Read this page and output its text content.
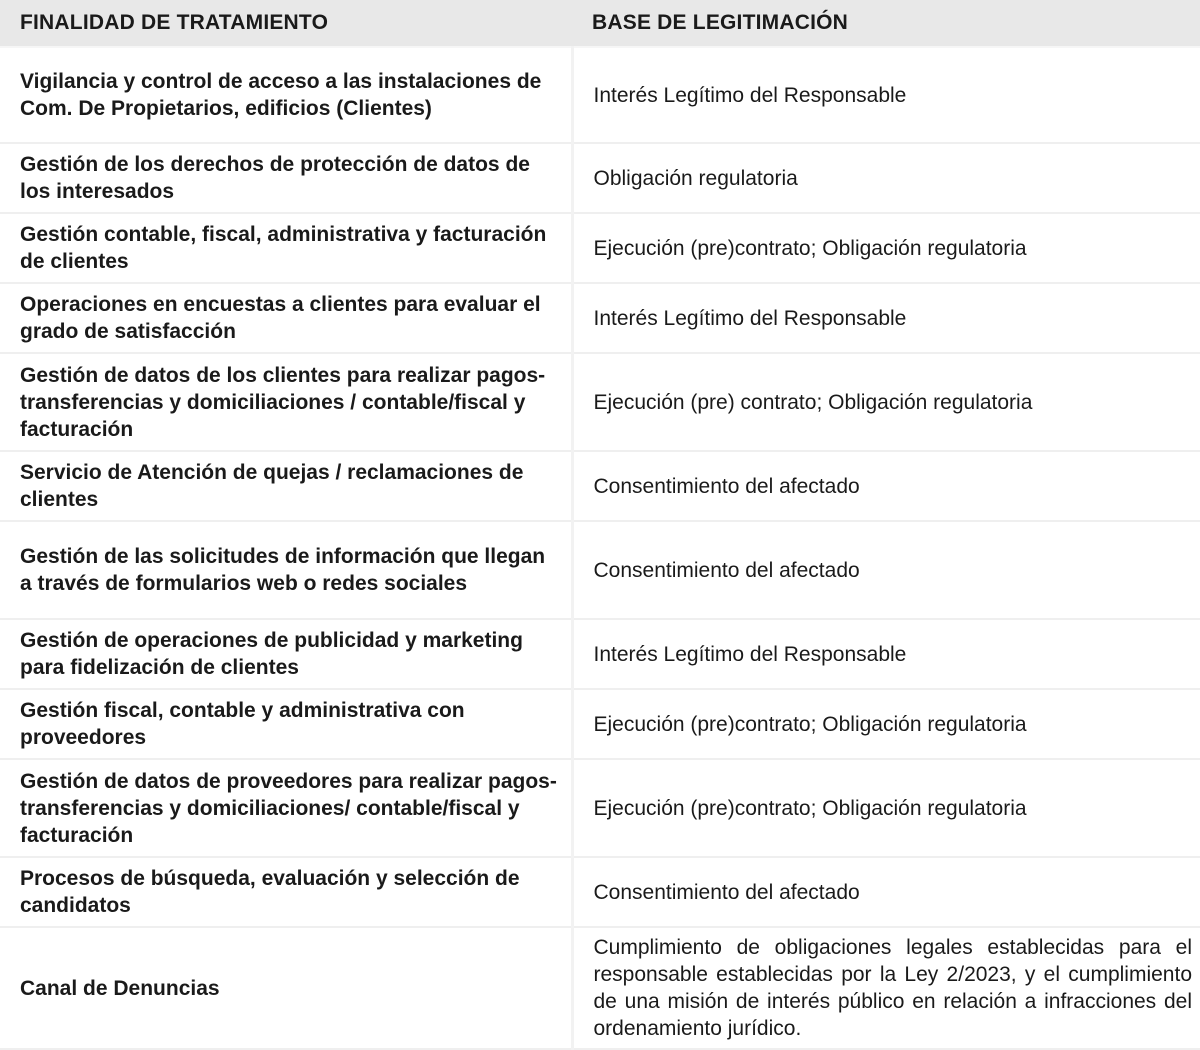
FINALIDAD DE TRATAMIENTO	BASE DE LEGITIMACIÓN
Vigilancia y control de acceso a las instalaciones de Com. De Propietarios, edificios (Clientes)	Interés Legítimo del Responsable
Gestión de los derechos de protección de datos de los interesados	Obligación regulatoria
Gestión contable, fiscal, administrativa y facturación de clientes	Ejecución (pre)contrato; Obligación regulatoria
Operaciones en encuestas a clientes para evaluar el grado de satisfacción	Interés Legítimo del Responsable
Gestión de datos de los clientes para realizar pagos-transferencias y domiciliaciones / contable/fiscal y facturación	Ejecución (pre) contrato; Obligación regulatoria
Servicio de Atención de quejas / reclamaciones de clientes	Consentimiento del afectado
Gestión de las solicitudes de información que llegan a través de formularios web o redes sociales	Consentimiento del afectado
Gestión de operaciones de publicidad y marketing para fidelización de clientes	Interés Legítimo del Responsable
Gestión fiscal, contable y administrativa con proveedores	Ejecución (pre)contrato; Obligación regulatoria
Gestión de datos de proveedores para realizar pagos-transferencias y domiciliaciones/ contable/fiscal y facturación	Ejecución (pre)contrato; Obligación regulatoria
Procesos de búsqueda, evaluación y selección de candidatos	Consentimiento del afectado
Canal de Denuncias	Cumplimiento de obligaciones legales establecidas para el responsable establecidas por la Ley 2/2023, y el cumplimiento de una misión de interés público en relación a infracciones del ordenamiento jurídico.
